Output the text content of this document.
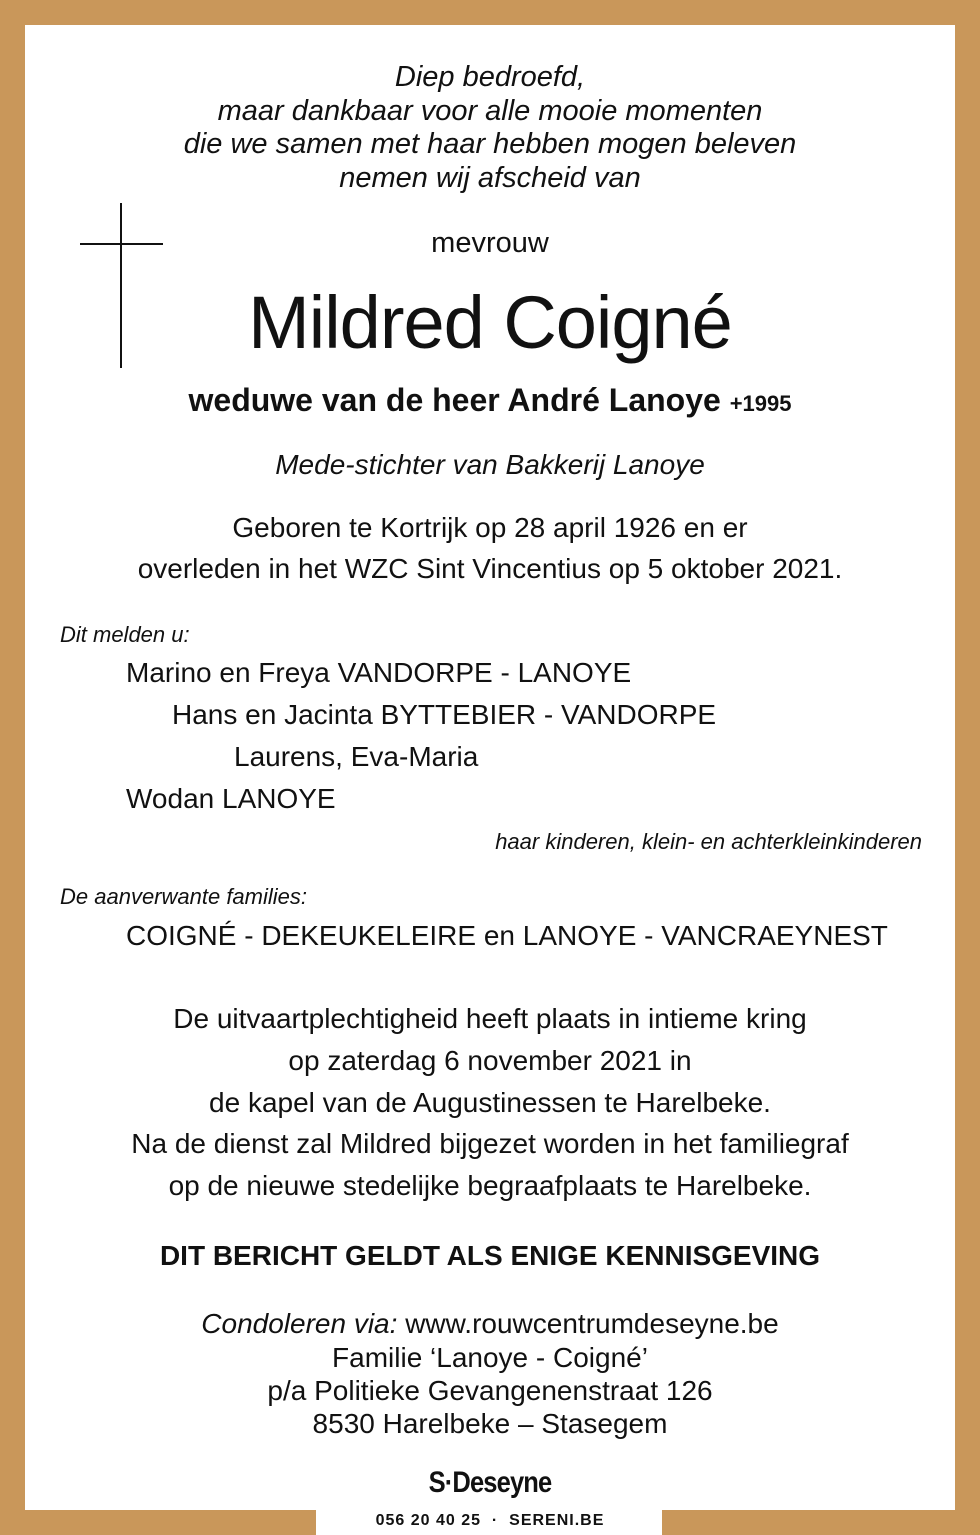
Diep bedroefd,
maar dankbaar voor alle mooie momenten
die we samen met haar hebben mogen beleven
nemen wij afscheid van
mevrouw
Mildred Coigné
weduwe van de heer André Lanoye +1995
Mede-stichter van Bakkerij Lanoye
Geboren te Kortrijk op 28 april 1926 en er
overleden in het WZC Sint Vincentius op 5 oktober 2021.
Dit melden u:
Marino en Freya VANDORPE - LANOYE
Hans en Jacinta BYTTEBIER - VANDORPE
Laurens, Eva-Maria
Wodan LANOYE
haar kinderen, klein- en achterkleinkinderen
De aanverwante families:
COIGNÉ - DEKEUKELEIRE en LANOYE - VANCRAEYNEST
De uitvaartplechtigheid heeft plaats in intieme kring
op zaterdag 6 november 2021 in
de kapel van de Augustinessen te Harelbeke.
Na de dienst zal Mildred bijgezet worden in het familiegraf
op de nieuwe stedelijke begraafplaats te Harelbeke.
DIT BERICHT GELDT ALS ENIGE KENNISGEVING
Condoleren via: www.rouwcentrumdeseyne.be
Familie ‘Lanoye - Coigné’
p/a Politieke Gevangenenstraat 126
8530 Harelbeke – Stasegem
S·Deseyne
056 20 40 25 · SERENI.BE
